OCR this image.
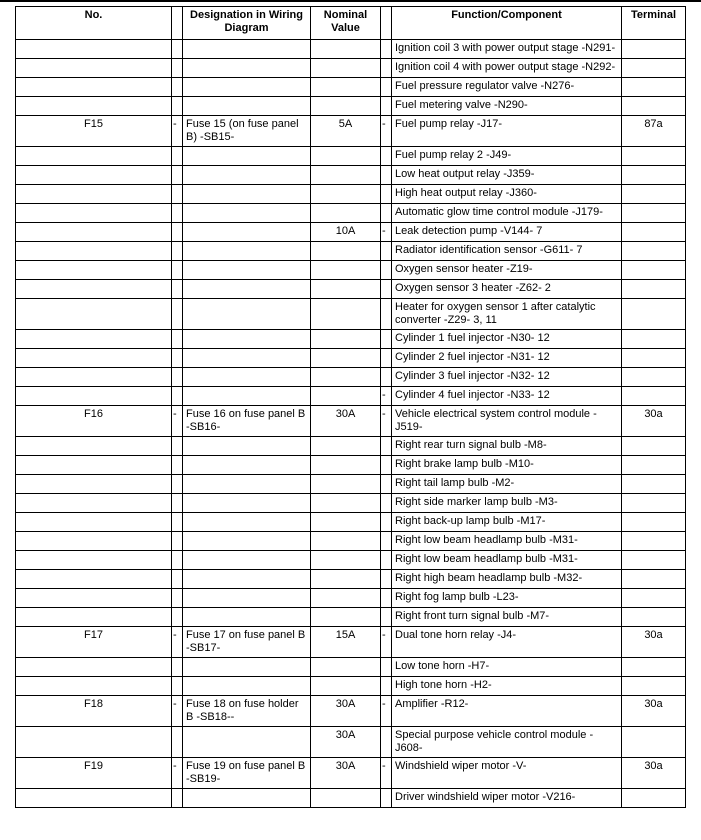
No.		Designation in Wiring Diagram	Nominal Value		Function/Component	Terminal
					Ignition coil 3 with power output stage -N291-	
					Ignition coil 4 with power output stage -N292-	
					Fuel pressure regulator valve -N276-	
					Fuel metering valve -N290-	
F15	-	Fuse 15 (on fuse panel B) -SB15-	5A	-	Fuel pump relay -J17-	87a
					Fuel pump relay 2 -J49-	
					Low heat output relay -J359-	
					High heat output relay -J360-	
					Automatic glow time control module -J179-	
			10A	-	Leak detection pump -V144- 7	
					Radiator identification sensor -G611- 7	
					Oxygen sensor heater -Z19-	
					Oxygen sensor 3 heater -Z62- 2	
					Heater for oxygen sensor 1 after catalytic converter -Z29- 3, 11	
					Cylinder 1 fuel injector -N30- 12	
					Cylinder 2 fuel injector -N31- 12	
					Cylinder 3 fuel injector -N32- 12	
				-	Cylinder 4 fuel injector -N33- 12	
F16	-	Fuse 16 on fuse panel B -SB16-	30A	-	Vehicle electrical system control module -J519-	30a
					Right rear turn signal bulb -M8-	
					Right brake lamp bulb -M10-	
					Right tail lamp bulb -M2-	
					Right side marker lamp bulb -M3-	
					Right back-up lamp bulb -M17-	
					Right low beam headlamp bulb -M31-	
					Right low beam headlamp bulb -M31-	
					Right high beam headlamp bulb -M32-	
					Right fog lamp bulb -L23-	
					Right front turn signal bulb -M7-	
F17	-	Fuse 17 on fuse panel B -SB17-	15A	-	Dual tone horn relay -J4-	30a
					Low tone horn -H7-	
					High tone horn -H2-	
F18	-	Fuse 18 on fuse holder B -SB18--	30A	-	Amplifier -R12-	30a
			30A		Special purpose vehicle control module -J608-	
F19	-	Fuse 19 on fuse panel B -SB19-	30A	-	Windshield wiper motor -V-	30a
					Driver windshield wiper motor -V216-	
